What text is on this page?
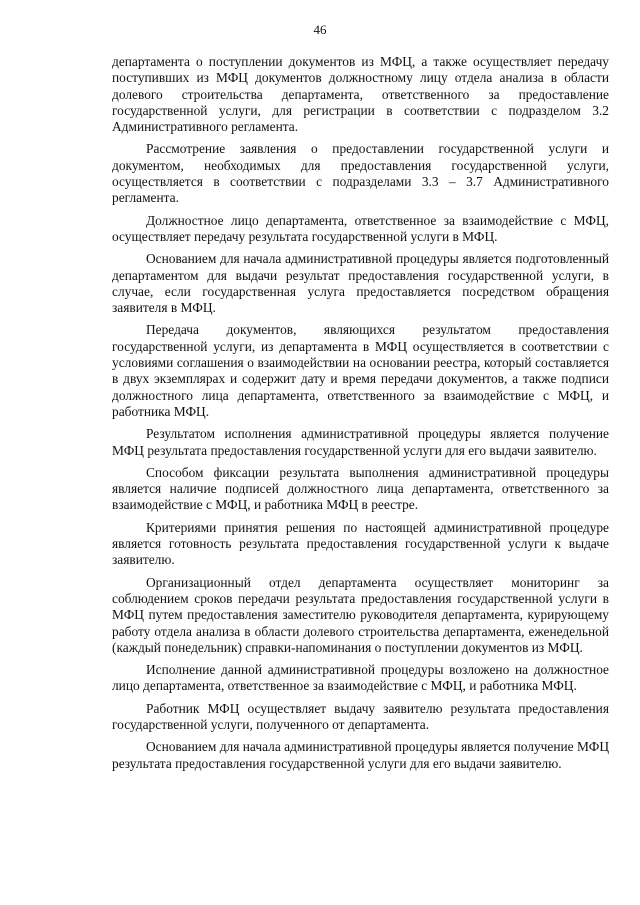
46

департамента о поступлении документов из МФЦ, а также осуществляет передачу поступивших из МФЦ документов должностному лицу отдела анализа в области долевого строительства департамента, ответственного за предоставление государственной услуги, для регистрации в соответствии с подразделом 3.2 Административного регламента.

Рассмотрение заявления о предоставлении государственной услуги и документом, необходимых для предоставления государственной услуги, осуществляется в соответствии с подразделами 3.3 – 3.7 Административного регламента.

Должностное лицо департамента, ответственное за взаимодействие с МФЦ, осуществляет передачу результата государственной услуги в МФЦ.

Основанием для начала административной процедуры является подготовленный департаментом для выдачи результат предоставления государственной услуги, в случае, если государственная услуга предоставляется посредством обращения заявителя в МФЦ.

Передача документов, являющихся результатом предоставления государственной услуги, из департамента в МФЦ осуществляется в соответствии с условиями соглашения о взаимодействии на основании реестра, который составляется в двух экземплярах и содержит дату и время передачи документов, а также подписи должностного лица департамента, ответственного за взаимодействие с МФЦ, и работника МФЦ.

Результатом исполнения административной процедуры является получение МФЦ результата предоставления государственной услуги для его выдачи заявителю.

Способом фиксации результата выполнения административной процедуры является наличие подписей должностного лица департамента, ответственного за взаимодействие с МФЦ, и работника МФЦ в реестре.

Критериями принятия решения по настоящей административной процедуре является готовность результата предоставления государственной услуги к выдаче заявителю.

Организационный отдел департамента осуществляет мониторинг за соблюдением сроков передачи результата предоставления государственной услуги в МФЦ путем предоставления заместителю руководителя департамента, курирующему работу отдела анализа в области долевого строительства департамента, еженедельной (каждый понедельник) справки-напоминания о поступлении документов из МФЦ.

Исполнение данной административной процедуры возложено на должностное лицо департамента, ответственное за взаимодействие с МФЦ, и работника МФЦ.

Работник МФЦ осуществляет выдачу заявителю результата предоставления государственной услуги, полученного от департамента.

Основанием для начала административной процедуры является получение МФЦ результата предоставления государственной услуги для его выдачи заявителю.
